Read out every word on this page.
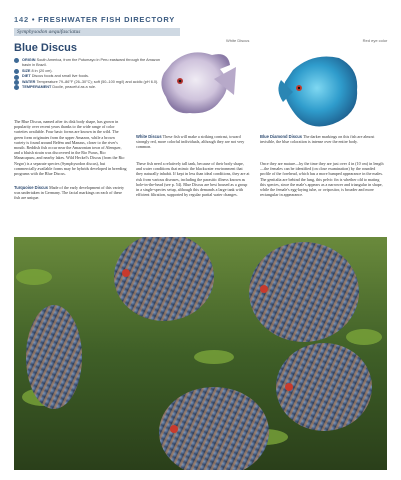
142 • FRESHWATER FISH DIRECTORY
Symphysodon aequifasciatus
Blue Discus
ORIGIN South America, from the Putumayo in Peru eastward through the Amazon basin in Brazil.
SIZE 8 in (20 cm).
DIET Discus foods and small live foods.
WATER Temperature 79–86°F (26–30°C); soft (50–100 mg/l) and acidic (pH 6.0).
TEMPERAMENT Docile, peaceful as a rule.
White Discus	Red eye color
The Blue Discus, named after its disk body shape, has grown in popularity over recent years thanks to the wide range of color varieties available. Four basic forms are known in the wild. The green form originates from the upper Amazon, while a brown variety is found around Belém and Manaus, closer to the river's mouth. Reddish fish occur near the Amazonian town of Alenquer, and a bluish strain was discovered in the Rio Purus, Rio Manacapuru, and nearby lakes. Wild Heckel's Discus (from the Rio Negro) is a separate species (Symphysodon discus), but commercially available forms may be hybrids developed in breeding programs with the Blue Discus.
Turquoise Discus Made of the early development of this variety was undertaken in Germany. The facial markings on each of these fish are unique.
White Discus These fish will make a striking contrast, toward strongly red, more colorful individuals, although they are not very common.
These fish need a relatively tall tank, because of their body shape, and water conditions that mimic the blackwater environment that they naturally inhabit. If kept in less than ideal conditions, they are at risk from various diseases, including the parasitic illness known as hole-in-the-head (see p. 54). Blue Discus are best housed as a group in a single-species setup, although this demands a large tank with efficient filtration, supported by regular partial water changes.
Blue Diamond Discus The darker markings on this fish are almost invisible, the blue coloration is intense over the entire body.
Once they are mature—by the time they are just over 4 in (10 cm) in length—the females can be identified (on close examination) by the rounded profile of the forehead, which has a more humped appearance in the males. The genitalia are behind the lung, this pelvic fin is whether old to mating this species, since the male's appears as a narrower and triangular in shape, while the female's egg-laying tube, or ovipositor, is broader and more rectangular in appearance.
